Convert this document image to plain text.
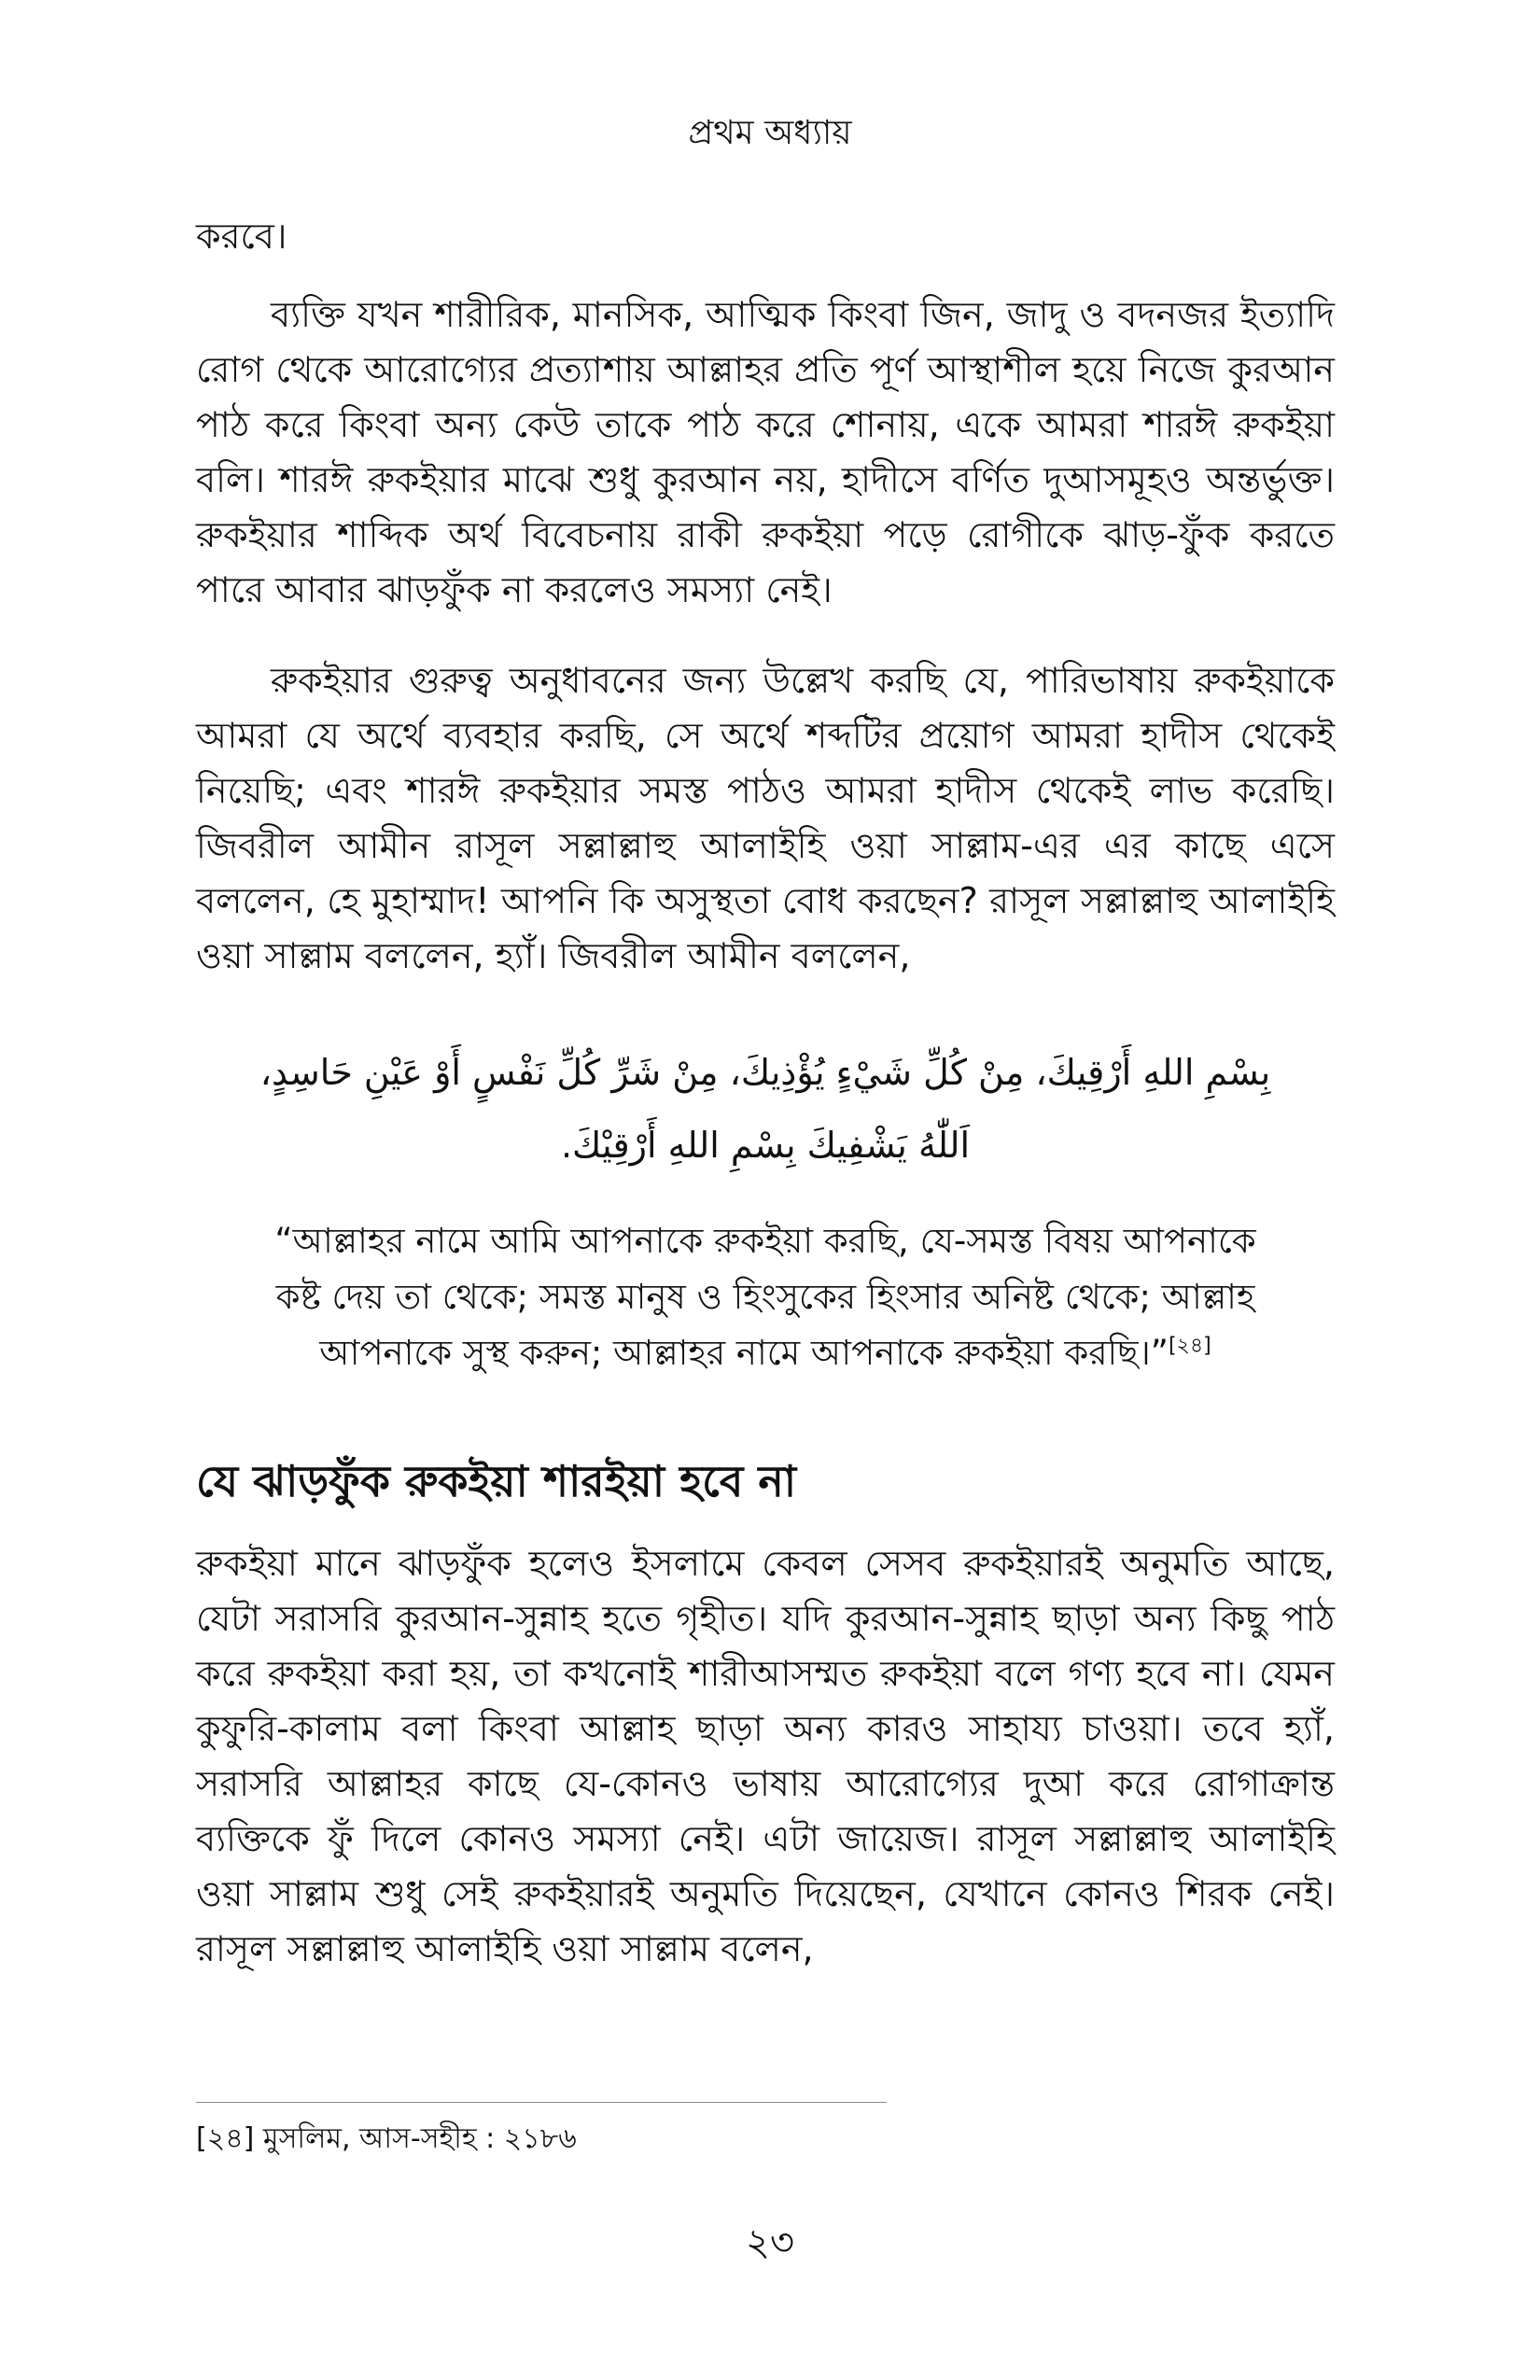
প্রথম অধ্যায়

করবে।

ব্যক্তি যখন শারীরিক, মানসিক, আত্মিক কিংবা জিন, জাদু ও বদনজর ইত্যাদি রোগ থেকে আরোগ্যের প্রত্যাশায় আল্লাহর প্রতি পূর্ণ আস্থাশীল হয়ে নিজে কুরআন পাঠ করে কিংবা অন্য কেউ তাকে পাঠ করে শোনায়, একে আমরা শারঈ রুকইয়া বলি। শারঈ রুকইয়ার মাঝে শুধু কুরআন নয়, হাদীসে বর্ণিত দুআসমূহও অন্তর্ভুক্ত। রুকইয়ার শাব্দিক অর্থ বিবেচনায় রাকী রুকইয়া পড়ে রোগীকে ঝাড়-ফুঁক করতে পারে আবার ঝাড়ফুঁক না করলেও সমস্যা নেই।

রুকইয়ার গুরুত্ব অনুধাবনের জন্য উল্লেখ করছি যে, পারিভাষায় রুকইয়াকে আমরা যে অর্থে ব্যবহার করছি, সে অর্থে শব্দটির প্রয়োগ আমরা হাদীস থেকেই নিয়েছি; এবং শারঈ রুকইয়ার সমস্ত পাঠও আমরা হাদীস থেকেই লাভ করেছি। জিবরীল আমীন রাসূল সল্লাল্লাহু আলাইহি ওয়া সাল্লাম-এর এর কাছে এসে বললেন, হে মুহাম্মাদ! আপনি কি অসুস্থতা বোধ করছেন? রাসূল সল্লাল্লাহু আলাইহি ওয়া সাল্লাম বললেন, হ্যাঁ। জিবরীল আমীন বললেন,

بِسْمِ اللهِ أَرْقِيكَ، مِنْ كُلِّ شَيْءٍ يُؤْذِيكَ، مِنْ شَرِّ كُلِّ نَفْسٍ أَوْ عَيْنِ حَاسِدٍ،
اَللّٰهُ يَشْفِيكَ بِسْمِ اللهِ أَرْقِيْكَ.

“আল্লাহর নামে আমি আপনাকে রুকইয়া করছি, যে-সমস্ত বিষয় আপনাকে কষ্ট দেয় তা থেকে; সমস্ত মানুষ ও হিংসুকের হিংসার অনিষ্ট থেকে; আল্লাহ আপনাকে সুস্থ করুন; আল্লাহর নামে আপনাকে রুকইয়া করছি।”[২৪]

যে ঝাড়ফুঁক রুকইয়া শারইয়া হবে না

রুকইয়া মানে ঝাড়ফুঁক হলেও ইসলামে কেবল সেসব রুকইয়ারই অনুমতি আছে, যেটা সরাসরি কুরআন-সুন্নাহ হতে গৃহীত। যদি কুরআন-সুন্নাহ ছাড়া অন্য কিছু পাঠ করে রুকইয়া করা হয়, তা কখনোই শারীআসম্মত রুকইয়া বলে গণ্য হবে না। যেমন কুফুরি-কালাম বলা কিংবা আল্লাহ ছাড়া অন্য কারও সাহায্য চাওয়া। তবে হ্যাঁ, সরাসরি আল্লাহর কাছে যে-কোনও ভাষায় আরোগ্যের দুআ করে রোগাক্রান্ত ব্যক্তিকে ফুঁ দিলে কোনও সমস্যা নেই। এটা জায়েজ। রাসূল সল্লাল্লাহু আলাইহি ওয়া সাল্লাম শুধু সেই রুকইয়ারই অনুমতি দিয়েছেন, যেখানে কোনও শিরক নেই। রাসূল সল্লাল্লাহু আলাইহি ওয়া সাল্লাম বলেন,

[২৪] মুসলিম, আস-সহীহ : ২১৮৬
২৩
